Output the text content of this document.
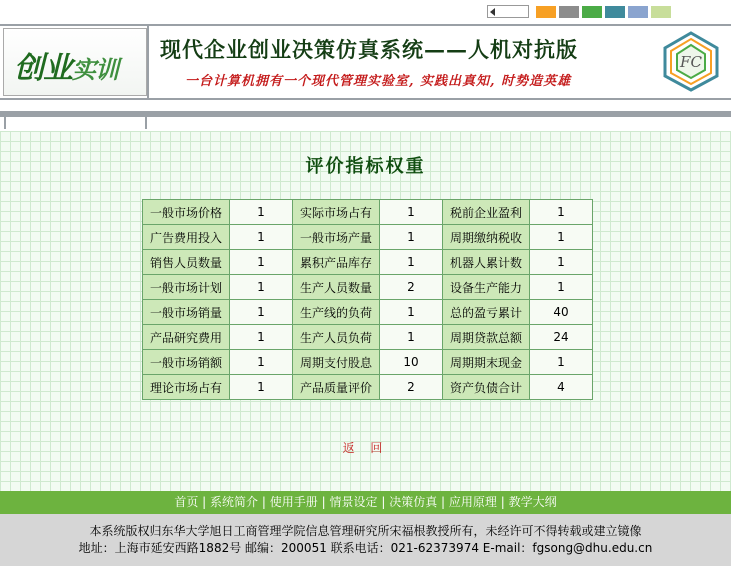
创业实训
现代企业创业决策仿真系统——人机对抗版
一台计算机拥有一个现代管理实验室, 实践出真知, 时势造英雄
FC
评价指标权重
一般市场价格	1	实际市场占有	1	税前企业盈利	1
广告费用投入	1	一般市场产量	1	周期缴纳税收	1
销售人员数量	1	累积产品库存	1	机器人累计数	1
一般市场计划	1	生产人员数量	2	设备生产能力	1
一般市场销量	1	生产线的负荷	1	总的盈亏累计	40
产品研究费用	1	生产人员负荷	1	周期贷款总额	24
一般市场销额	1	周期支付股息	10	周期期末现金	1
理论市场占有	1	产品质量评价	2	资产负债合计	4
返 回
首页 | 系统简介 | 使用手册 | 情景设定 | 决策仿真 | 应用原理 | 教学大纲
本系统版权归东华大学旭日工商管理学院信息管理研究所宋福根教授所有，未经许可不得转载或建立镜像
地址：上海市延安西路1882号 邮编：200051 联系电话：021-62373974 E-mail：fgsong@dhu.edu.cn
